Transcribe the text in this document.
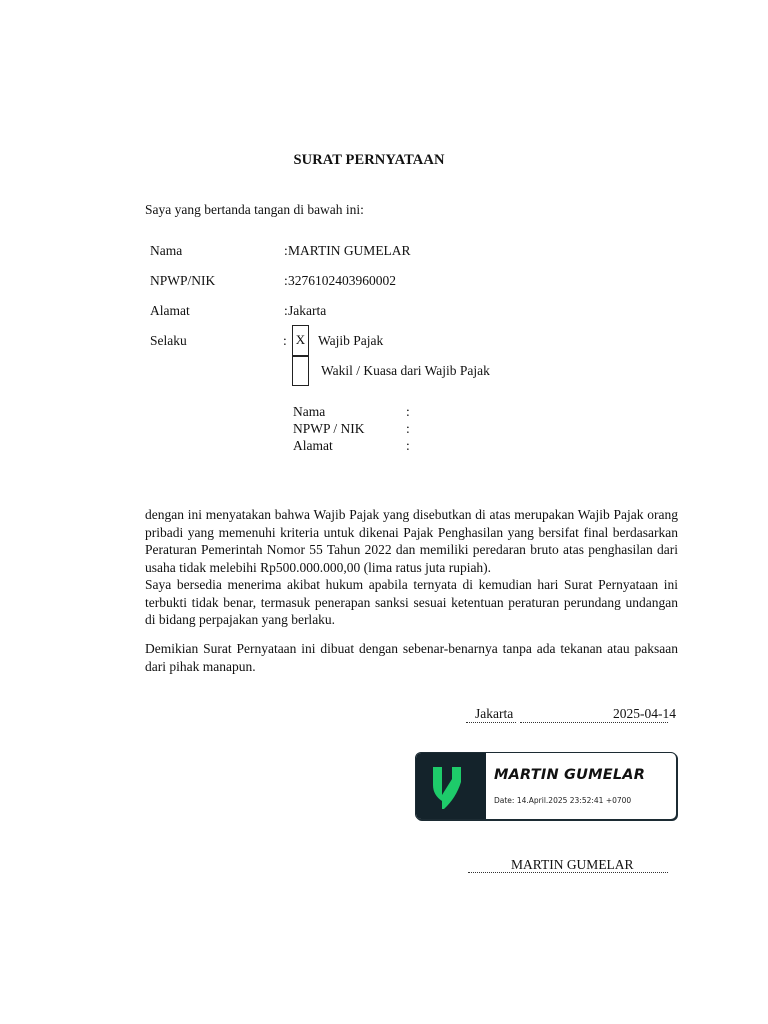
SURAT PERNYATAAN
Saya yang bertanda tangan di bawah ini:
Nama	: MARTIN GUMELAR
NPWP/NIK	: 3276102403960002
Alamat	: Jakarta
Selaku	: X Wajib Pajak
Wakil / Kuasa dari Wajib Pajak
Nama	:
NPWP / NIK	:
Alamat	:

dengan ini menyatakan bahwa Wajib Pajak yang disebutkan di atas merupakan Wajib Pajak orang pribadi yang memenuhi kriteria untuk dikenai Pajak Penghasilan yang bersifat final berdasarkan Peraturan Pemerintah Nomor 55 Tahun 2022 dan memiliki peredaran bruto atas penghasilan dari usaha tidak melebihi Rp500.000.000,00 (lima ratus juta rupiah).

Saya bersedia menerima akibat hukum apabila ternyata di kemudian hari Surat Pernyataan ini terbukti tidak benar, termasuk penerapan sanksi sesuai ketentuan peraturan perundang undangan di bidang perpajakan yang berlaku.

Demikian Surat Pernyataan ini dibuat dengan sebenar-benarnya tanpa ada tekanan atau paksaan dari pihak manapun.

Jakarta	2025-04-14
MARTIN GUMELAR
Date: 14.April.2025 23:52:41 +0700
MARTIN GUMELAR
